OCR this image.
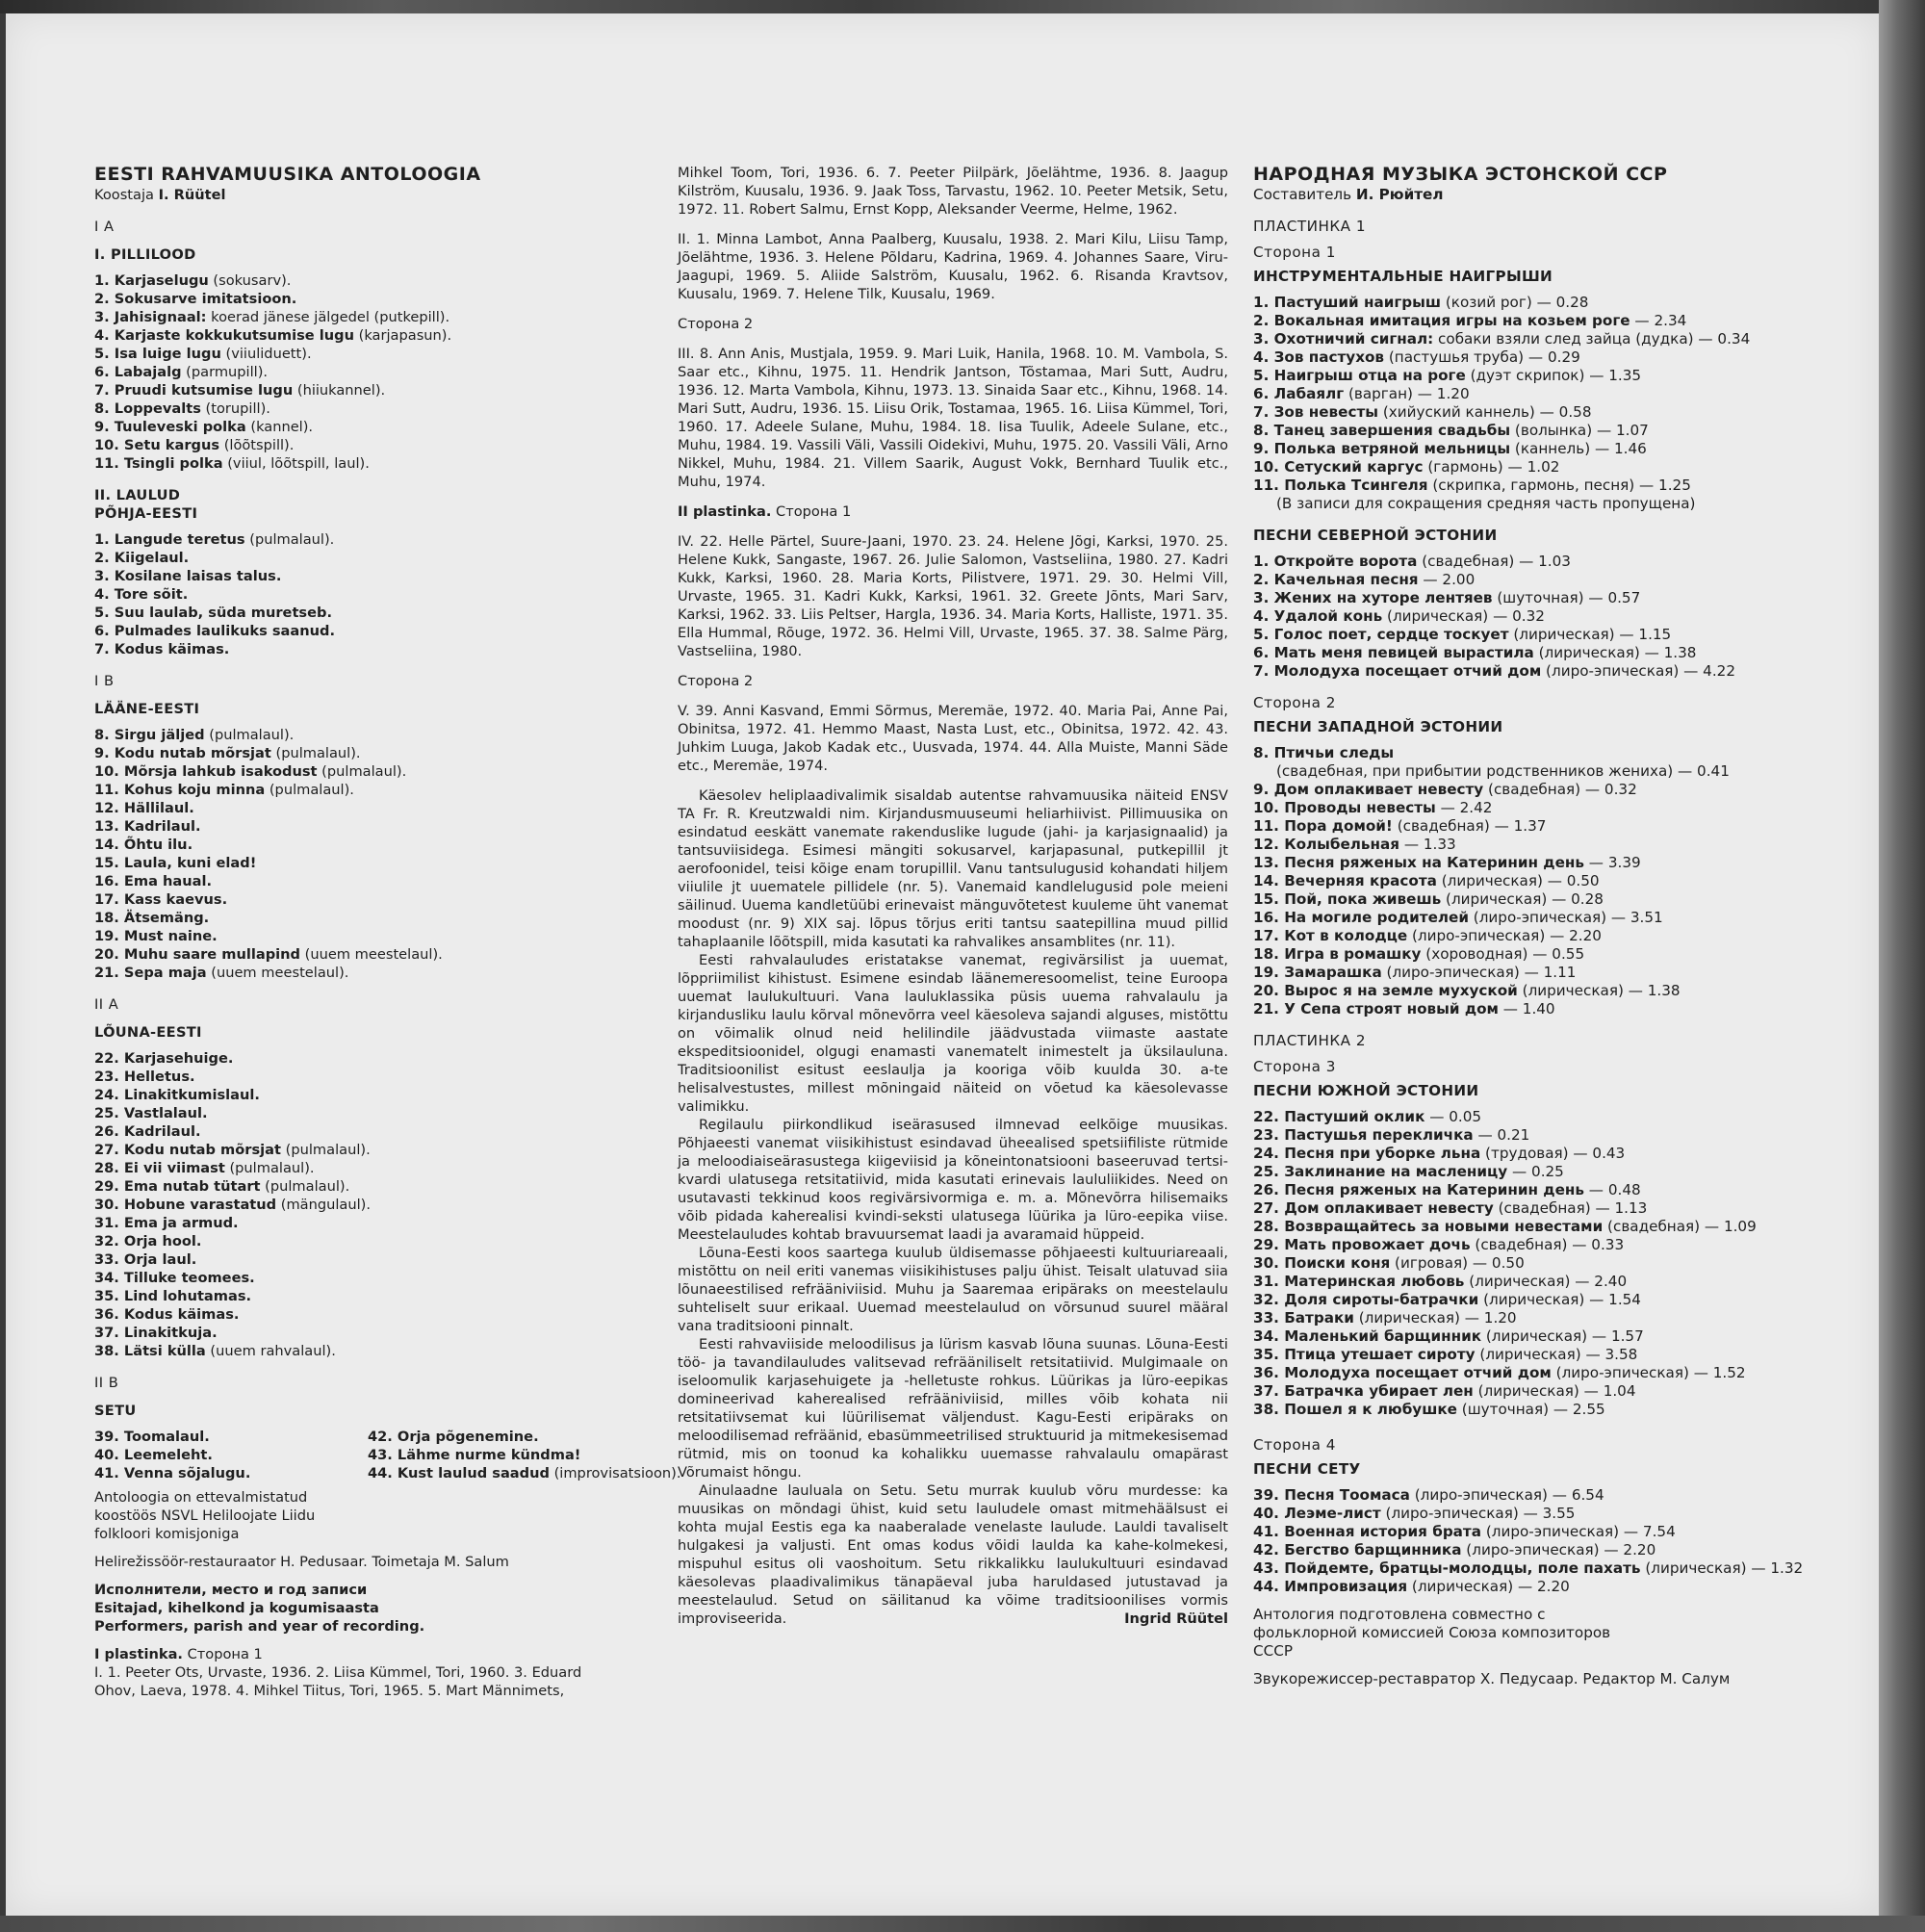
EESTI RAHVAMUUSIKA ANTOLOOGIA
Koostaja I. Rüütel
I A
I. PILLILOOD
1. Karjaselugu (sokusarv).
2. Sokusarve imitatsioon.
3. Jahisignaal: koerad jänese jälgedel (putkepill).
4. Karjaste kokkukutsumise lugu (karjapasun).
5. Isa luige lugu (viiuliduett).
6. Labajalg (parmupill).
7. Pruudi kutsumise lugu (hiiukannel).
8. Loppevalts (torupill).
9. Tuuleveski polka (kannel).
10. Setu kargus (lõõtspill).
11. Tsingli polka (viiul, lõõtspill, laul).
II. LAULUD
PÕHJA-EESTI
1. Langude teretus (pulmalaul).
2. Kiigelaul.
3. Kosilane laisas talus.
4. Tore sõit.
5. Suu laulab, süda muretseb.
6. Pulmades laulikuks saanud.
7. Kodus käimas.
I B
LÄÄNE-EESTI
8. Sirgu jäljed (pulmalaul).
9. Kodu nutab mõrsjat (pulmalaul).
10. Mõrsja lahkub isakodust (pulmalaul).
11. Kohus koju minna (pulmalaul).
12. Hällilaul.
13. Kadrilaul.
14. Õhtu ilu.
15. Laula, kuni elad!
16. Ema haual.
17. Kass kaevus.
18. Ätsemäng.
19. Must naine.
20. Muhu saare mullapind (uuem meestelaul).
21. Sepa maja (uuem meestelaul).
II A
LÕUNA-EESTI
22. Karjasehuige.
23. Helletus.
24. Linakitkumislaul.
25. Vastlalaul.
26. Kadrilaul.
27. Kodu nutab mõrsjat (pulmalaul).
28. Ei vii viimast (pulmalaul).
29. Ema nutab tütart (pulmalaul).
30. Hobune varastatud (mängulaul).
31. Ema ja armud.
32. Orja hool.
33. Orja laul.
34. Tilluke teomees.
35. Lind lohutamas.
36. Kodus käimas.
37. Linakitkuja.
38. Lätsi külla (uuem rahvalaul).
II B
SETU
39. Toomalaul.
40. Leemeleht.
41. Venna sõjalugu.
42. Orja põgenemine.
43. Lähme nurme kündma!
44. Kust laulud saadud (improvisatsioon).
Antoloogia on ettevalmistatud
koostöös NSVL Heliloojate Liidu
folkloori komisjoniga
Helirežissöör-restauraator H. Pedusaar. Toimetaja M. Salum
Исполнители, место и год записи
Esitajad, kihelkond ja kogumisaasta
Performers, parish and year of recording.
I plastinka. Сторона 1
I. 1. Peeter Ots, Urvaste, 1936. 2. Liisa Kümmel, Tori, 1960. 3. Eduard
Ohov, Laeva, 1978. 4. Mihkel Tiitus, Tori, 1965. 5. Mart Männimets,
Mihkel Toom, Tori, 1936. 6. 7. Peeter Piilpärk, Jõelähtme, 1936. 8. Jaagup Kilström, Kuusalu, 1936. 9. Jaak Toss, Tarvastu, 1962. 10. Peeter Metsik, Setu, 1972. 11. Robert Salmu, Ernst Kopp, Aleksander Veerme, Helme, 1962.
II. 1. Minna Lambot, Anna Paalberg, Kuusalu, 1938. 2. Mari Kilu, Liisu Tamp, Jõelähtme, 1936. 3. Helene Põldaru, Kadrina, 1969. 4. Johannes Saare, Viru-Jaagupi, 1969. 5. Aliide Salström, Kuusalu, 1962. 6. Risanda Kravtsov, Kuusalu, 1969. 7. Helene Tilk, Kuusalu, 1969.
Сторона 2
III. 8. Ann Anis, Mustjala, 1959. 9. Mari Luik, Hanila, 1968. 10. M. Vambola, S. Saar etc., Kihnu, 1975. 11. Hendrik Jantson, Tõstamaa, Mari Sutt, Audru, 1936. 12. Marta Vambola, Kihnu, 1973. 13. Sinaida Saar etc., Kihnu, 1968. 14. Mari Sutt, Audru, 1936. 15. Liisu Orik, Tostamaa, 1965. 16. Liisa Kümmel, Tori, 1960. 17. Adeele Sulane, Muhu, 1984. 18. Iisa Tuulik, Adeele Sulane, etc., Muhu, 1984. 19. Vassili Väli, Vassili Oidekivi, Muhu, 1975. 20. Vassili Väli, Arno Nikkel, Muhu, 1984. 21. Villem Saarik, August Vokk, Bernhard Tuulik etc., Muhu, 1974.
II plastinka. Сторона 1
IV. 22. Helle Pärtel, Suure-Jaani, 1970. 23. 24. Helene Jõgi, Karksi, 1970. 25. Helene Kukk, Sangaste, 1967. 26. Julie Salomon, Vastseliina, 1980. 27. Kadri Kukk, Karksi, 1960. 28. Maria Korts, Pilistvere, 1971. 29. 30. Helmi Vill, Urvaste, 1965. 31. Kadri Kukk, Karksi, 1961. 32. Greete Jõnts, Mari Sarv, Karksi, 1962. 33. Liis Peltser, Hargla, 1936. 34. Maria Korts, Halliste, 1971. 35. Ella Hummal, Rõuge, 1972. 36. Helmi Vill, Urvaste, 1965. 37. 38. Salme Pärg, Vastseliina, 1980.
Сторона 2
V. 39. Anni Kasvand, Emmi Sõrmus, Meremäe, 1972. 40. Maria Pai, Anne Pai, Obinitsa, 1972. 41. Hemmo Maast, Nasta Lust, etc., Obinitsa, 1972. 42. 43. Juhkim Luuga, Jakob Kadak etc., Uusvada, 1974. 44. Alla Muiste, Manni Säde etc., Meremäe, 1974.
Käesolev heliplaadivalimik sisaldab autentse rahvamuusika näiteid ENSV TA Fr. R. Kreutzwaldi nim. Kirjandusmuuseumi heliarhiivist. Pillimuusika on esindatud eeskätt vanemate rakenduslike lugude (jahi- ja karjasignaalid) ja tantsuviisidega. Esimesi mängiti sokusarvel, karjapasunal, putkepillil jt aerofoonidel, teisi kõige enam torupillil. Vanu tantsulugusid kohandati hiljem viiulile jt uuematele pillidele (nr. 5). Vanemaid kandlelugusid pole meieni säilinud. Uuema kandletüübi erinevaist mänguvõtetest kuuleme üht vanemat moodust (nr. 9) XIX saj. lõpus tõrjus eriti tantsu saatepillina muud pillid tahaplaanile lõõtspill, mida kasutati ka rahvalikes ansamblites (nr. 11).
Eesti rahvalauludes eristatakse vanemat, regivärsilist ja uuemat, lõppriimilist kihistust. Esimene esindab läänemeresoomelist, teine Euroopa uuemat laulukultuuri. Vana lauluklassika püsis uuema rahvalaulu ja kirjandusliku laulu kõrval mõnevõrra veel käesoleva sajandi alguses, mistõttu on võimalik olnud neid helilindile jäädvustada viimaste aastate ekspeditsioonidel, olgugi enamasti vanematelt inimestelt ja üksilauluna. Traditsioonilist esitust eeslaulja ja kooriga võib kuulda 30. a-te helisalvestustes, millest mõningaid näiteid on võetud ka käesolevasse valimikku.
Regilaulu piirkondlikud iseärasused ilmnevad eelkõige muusikas. Põhjaeesti vanemat viisikihistust esindavad üheealised spetsiifiliste rütmide ja meloodiaiseärasustega kiigeviisid ja kõneintonatsiooni baseeruvad tertsi-kvardi ulatusega retsitatiivid, mida kasutati erinevais laululiikides. Need on usutavasti tekkinud koos regivärsivormiga e. m. a. Mõnevõrra hilisemaiks võib pidada kaherealisi kvindi-seksti ulatusega lüürika ja lüro-eepika viise. Meestelauludes kohtab bravuursemat laadi ja avaramaid hüppeid.
Lõuna-Eesti koos saartega kuulub üldisemasse põhjaeesti kultuuriareaali, mistõttu on neil eriti vanemas viisikihistuses palju ühist. Teisalt ulatuvad siia lõunaeestilised refrääniviisid. Muhu ja Saaremaa eripäraks on meestelaulu suhteliselt suur erikaal. Uuemad meestelaulud on võrsunud suurel määral vana traditsiooni pinnalt.
Eesti rahvaviiside meloodilisus ja lürism kasvab lõuna suunas. Lõuna-Eesti töö- ja tavandilauludes valitsevad refrääniliselt retsitatiivid. Mulgimaale on iseloomulik karjasehuigete ja -helletuste rohkus. Lüürikas ja lüro-eepikas domineerivad kaherealised refrääniviisid, milles võib kohata nii retsitatiivsemat kui lüürilisemat väljendust. Kagu-Eesti eripäraks on meloodilisemad refräänid, ebasümmeetrilised struktuurid ja mitmekesisemad rütmid, mis on toonud ka kohalikku uuemasse rahvalaulu omapärast Võrumaist hõngu.
Ainulaadne lauluala on Setu. Setu murrak kuulub võru murdesse: ka muusikas on mõndagi ühist, kuid setu lauludele omast mitmehäälsust ei kohta mujal Eestis ega ka naaberalade venelaste laulude. Lauldi tavaliselt hulgakesi ja valjusti. Ent omas kodus võidi laulda ka kahe-kolmekesi, mispuhul esitus oli vaoshoitum. Setu rikkalikku laulukultuuri esindavad käesolevas plaadivalimikus tänapäeval juba haruldased jutustavad ja meestelaulud. Setud on säilitanud ka võime traditsioonilises vormis improviseerida.	Ingrid Rüütel
НАРОДНАЯ МУЗЫКА ЭСТОНСКОЙ ССР
Составитель И. Рюйтел
ПЛАСТИНКА 1
Сторона 1
ИНСТРУМЕНТАЛЬНЫЕ НАИГРЫШИ
1. Пастуший наигрыш (козий рог) — 0.28
2. Вокальная имитация игры на козьем роге — 2.34
3. Охотничий сигнал: собаки взяли след зайца (дудка) — 0.34
4. Зов пастухов (пастушья труба) — 0.29
5. Наигрыш отца на роге (дуэт скрипок) — 1.35
6. Лабаялг (варган) — 1.20
7. Зов невесты (хийуский каннель) — 0.58
8. Танец завершения свадьбы (волынка) — 1.07
9. Полька ветряной мельницы (каннель) — 1.46
10. Сетуский каргус (гармонь) — 1.02
11. Полька Тсингеля (скрипка, гармонь, песня) — 1.25
(В записи для сокращения средняя часть пропущена)
ПЕСНИ СЕВЕРНОЙ ЭСТОНИИ
1. Откройте ворота (свадебная) — 1.03
2. Качельная песня — 2.00
3. Жених на хуторе лентяев (шуточная) — 0.57
4. Удалой конь (лирическая) — 0.32
5. Голос поет, сердце тоскует (лирическая) — 1.15
6. Мать меня певицей вырастила (лирическая) — 1.38
7. Молодуха посещает отчий дом (лиро-эпическая) — 4.22
Сторона 2
ПЕСНИ ЗАПАДНОЙ ЭСТОНИИ
8. Птичьи следы
(свадебная, при прибытии родственников жениха) — 0.41
9. Дом оплакивает невесту (свадебная) — 0.32
10. Проводы невесты — 2.42
11. Пора домой! (свадебная) — 1.37
12. Колыбельная — 1.33
13. Песня ряженых на Катеринин день — 3.39
14. Вечерняя красота (лирическая) — 0.50
15. Пой, пока живешь (лирическая) — 0.28
16. На могиле родителей (лиро-эпическая) — 3.51
17. Кот в колодце (лиро-эпическая) — 2.20
18. Игра в ромашку (хороводная) — 0.55
19. Замарашка (лиро-эпическая) — 1.11
20. Вырос я на земле мухуской (лирическая) — 1.38
21. У Сепа строят новый дом — 1.40
ПЛАСТИНКА 2
Сторона 3
ПЕСНИ ЮЖНОЙ ЭСТОНИИ
22. Пастуший оклик — 0.05
23. Пастушья перекличка — 0.21
24. Песня при уборке льна (трудовая) — 0.43
25. Заклинание на масленицу — 0.25
26. Песня ряженых на Катеринин день — 0.48
27. Дом оплакивает невесту (свадебная) — 1.13
28. Возвращайтесь за новыми невестами (свадебная) — 1.09
29. Мать провожает дочь (свадебная) — 0.33
30. Поиски коня (игровая) — 0.50
31. Материнская любовь (лирическая) — 2.40
32. Доля сироты-батрачки (лирическая) — 1.54
33. Батраки (лирическая) — 1.20
34. Маленький барщинник (лирическая) — 1.57
35. Птица утешает сироту (лирическая) — 3.58
36. Молодуха посещает отчий дом (лиро-эпическая) — 1.52
37. Батрачка убирает лен (лирическая) — 1.04
38. Пошел я к любушке (шуточная) — 2.55
Сторона 4
ПЕСНИ СЕТУ
39. Песня Тоомаса (лиро-эпическая) — 6.54
40. Леэме-лист (лиро-эпическая) — 3.55
41. Военная история брата (лиро-эпическая) — 7.54
42. Бегство барщинника (лиро-эпическая) — 2.20
43. Пойдемте, братцы-молодцы, поле пахать (лирическая) — 1.32
44. Импровизация (лирическая) — 2.20
Антология подготовлена совместно с
фольклорной комиссией Союза композиторов
СССР
Звукорежиссер-реставратор Х. Педусаар. Редактор М. Салум
